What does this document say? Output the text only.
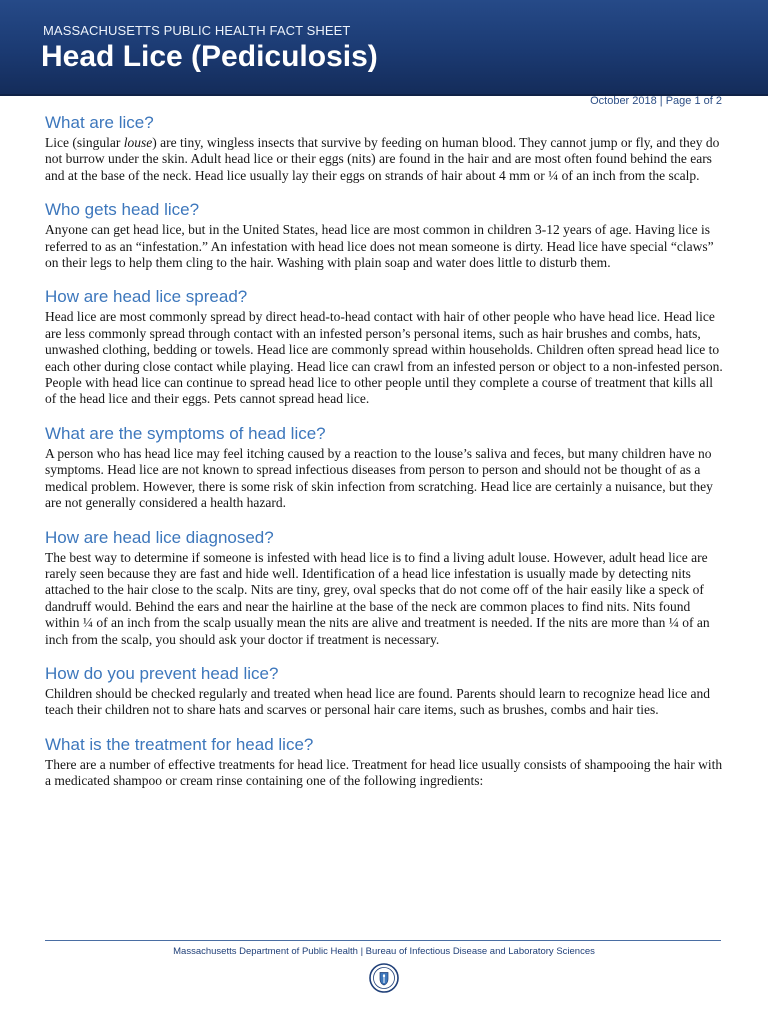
MASSACHUSETTS PUBLIC HEALTH FACT SHEET
Head Lice (Pediculosis)
October 2018 | Page 1 of 2
What are lice?

Lice (singular louse) are tiny, wingless insects that survive by feeding on human blood. They cannot jump or fly, and they do not burrow under the skin. Adult head lice or their eggs (nits) are found in the hair and are most often found behind the ears and at the base of the neck. Head lice usually lay their eggs on strands of hair about 4 mm or ¼ of an inch from the scalp.

Who gets head lice?

Anyone can get head lice, but in the United States, head lice are most common in children 3-12 years of age. Having lice is referred to as an “infestation.” An infestation with head lice does not mean someone is dirty. Head lice have special “claws” on their legs to help them cling to the hair. Washing with plain soap and water does little to disturb them.

How are head lice spread?

Head lice are most commonly spread by direct head-to-head contact with hair of other people who have head lice. Head lice are less commonly spread through contact with an infested person’s personal items, such as hair brushes and combs, hats, unwashed clothing, bedding or towels. Head lice are commonly spread within households. Children often spread head lice to each other during close contact while playing. Head lice can crawl from an infested person or object to a non-infested person. People with head lice can continue to spread head lice to other people until they complete a course of treatment that kills all of the head lice and their eggs. Pets cannot spread head lice.

What are the symptoms of head lice?

A person who has head lice may feel itching caused by a reaction to the louse’s saliva and feces, but many children have no symptoms. Head lice are not known to spread infectious diseases from person to person and should not be thought of as a medical problem. However, there is some risk of skin infection from scratching. Head lice are certainly a nuisance, but they are not generally considered a health hazard.

How are head lice diagnosed?

The best way to determine if someone is infested with head lice is to find a living adult louse. However, adult head lice are rarely seen because they are fast and hide well. Identification of a head lice infestation is usually made by detecting nits attached to the hair close to the scalp. Nits are tiny, grey, oval specks that do not come off of the hair easily like a speck of dandruff would. Behind the ears and near the hairline at the base of the neck are common places to find nits. Nits found within ¼ of an inch from the scalp usually mean the nits are alive and treatment is needed. If the nits are more than ¼ of an inch from the scalp, you should ask your doctor if treatment is necessary.

How do you prevent head lice?

Children should be checked regularly and treated when head lice are found. Parents should learn to recognize head lice and teach their children not to share hats and scarves or personal hair care items, such as brushes, combs and hair ties.

What is the treatment for head lice?

There are a number of effective treatments for head lice. Treatment for head lice usually consists of shampooing the hair with a medicated shampoo or cream rinse containing one of the following ingredients:

Massachusetts Department of Public Health | Bureau of Infectious Disease and Laboratory Sciences
